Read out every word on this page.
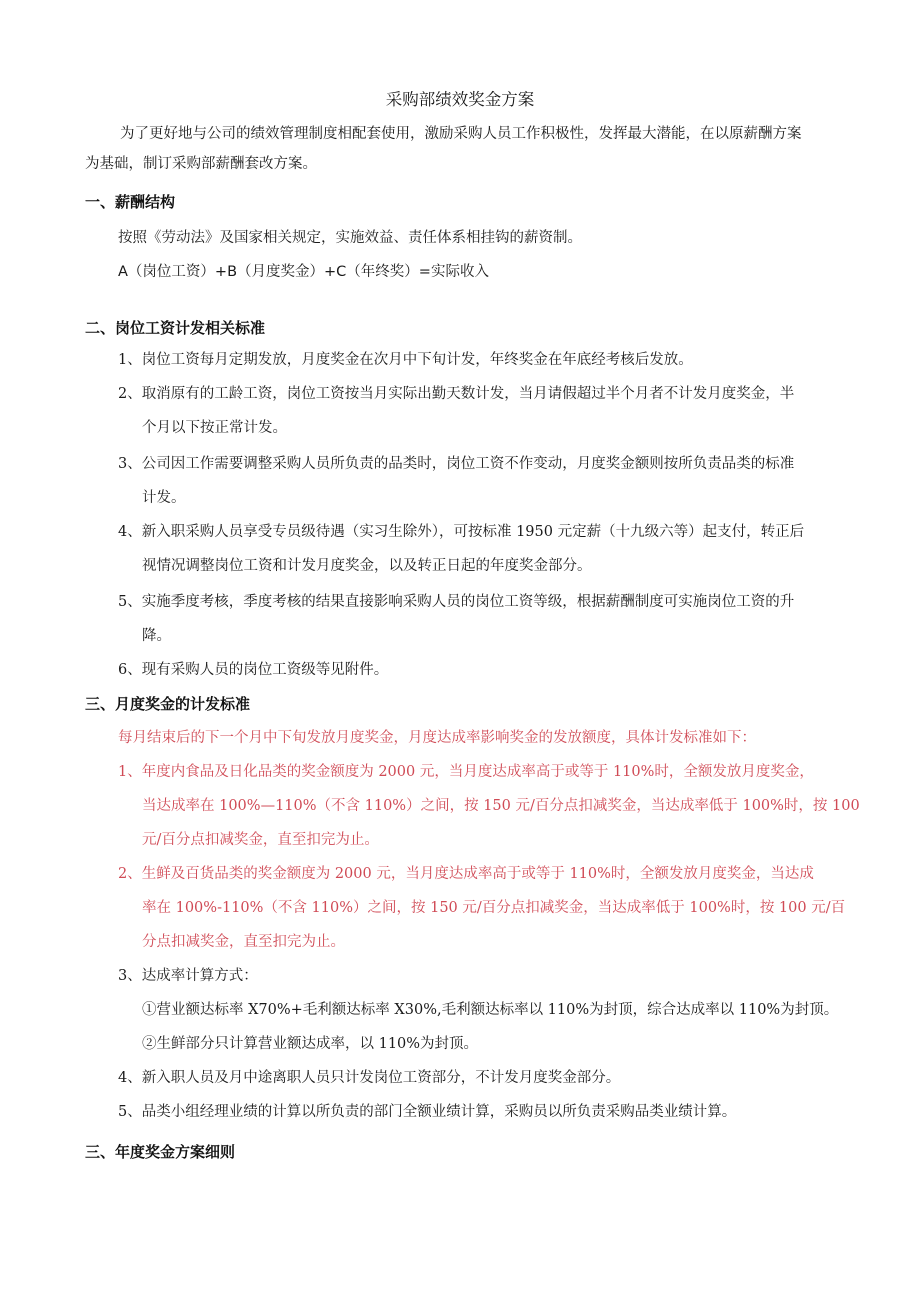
采购部绩效奖金方案
为了更好地与公司的绩效管理制度相配套使用，激励采购人员工作积极性，发挥最大潜能，在以原薪酬方案
为基础，制订采购部薪酬套改方案。
一、薪酬结构
按照《劳动法》及国家相关规定，实施效益、责任体系相挂钩的薪资制。
A（岗位工资）+B（月度奖金）+C（年终奖）=实际收入
二、岗位工资计发相关标准
1、岗位工资每月定期发放，月度奖金在次月中下旬计发，年终奖金在年底经考核后发放。
2、取消原有的工龄工资，岗位工资按当月实际出勤天数计发，当月请假超过半个月者不计发月度奖金，半
个月以下按正常计发。
3、公司因工作需要调整采购人员所负责的品类时，岗位工资不作变动，月度奖金额则按所负责品类的标准
计发。
4、新入职采购人员享受专员级待遇（实习生除外），可按标准 1950 元定薪（十九级六等）起支付，转正后
视情况调整岗位工资和计发月度奖金，以及转正日起的年度奖金部分。
5、实施季度考核，季度考核的结果直接影响采购人员的岗位工资等级，根据薪酬制度可实施岗位工资的升
降。
6、现有采购人员的岗位工资级等见附件。
三、月度奖金的计发标准
每月结束后的下一个月中下旬发放月度奖金，月度达成率影响奖金的发放额度，具体计发标准如下：
1、年度内食品及日化品类的奖金额度为 2000 元，当月度达成率高于或等于 110%时，全额发放月度奖金，
当达成率在 100%—110%（不含 110%）之间，按 150 元/百分点扣减奖金，当达成率低于 100%时，按 100
元/百分点扣减奖金，直至扣完为止。
2、生鲜及百货品类的奖金额度为 2000 元，当月度达成率高于或等于 110%时，全额发放月度奖金，当达成
率在 100%-110%（不含 110%）之间，按 150 元/百分点扣减奖金，当达成率低于 100%时，按 100 元/百
分点扣减奖金，直至扣完为止。
3、达成率计算方式：
①营业额达标率 X70%+毛利额达标率 X30%,毛利额达标率以 110%为封顶，综合达成率以 110%为封顶。
②生鲜部分只计算营业额达成率，以 110%为封顶。
4、新入职人员及月中途离职人员只计发岗位工资部分，不计发月度奖金部分。
5、品类小组经理业绩的计算以所负责的部门全额业绩计算，采购员以所负责采购品类业绩计算。
三、年度奖金方案细则
